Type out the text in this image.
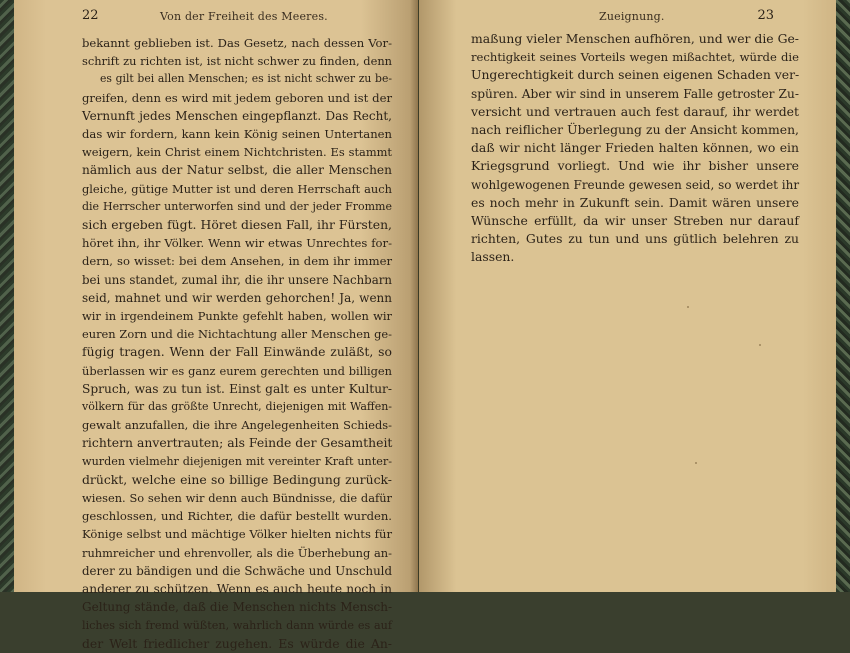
22	Von der Freiheit des Meeres.
bekannt geblieben ist. Das Gesetz, nach dessen Vor-
schrift zu richten ist, ist nicht schwer zu finden, denn
es gilt bei allen Menschen; es ist nicht schwer zu be-
greifen, denn es wird mit jedem geboren und ist der
Vernunft jedes Menschen eingepflanzt. Das Recht,
das wir fordern, kann kein König seinen Untertanen
weigern, kein Christ einem Nichtchristen. Es stammt
nämlich aus der Natur selbst, die aller Menschen
gleiche, gütige Mutter ist und deren Herrschaft auch
die Herrscher unterworfen sind und der jeder Fromme
sich ergeben fügt. Höret diesen Fall, ihr Fürsten,
höret ihn, ihr Völker. Wenn wir etwas Unrechtes for-
dern, so wisset: bei dem Ansehen, in dem ihr immer
bei uns standet, zumal ihr, die ihr unsere Nachbarn
seid, mahnet und wir werden gehorchen! Ja, wenn
wir in irgendeinem Punkte gefehlt haben, wollen wir
euren Zorn und die Nichtachtung aller Menschen ge-
fügig tragen. Wenn der Fall Einwände zuläßt, so
überlassen wir es ganz eurem gerechten und billigen
Spruch, was zu tun ist. Einst galt es unter Kultur-
völkern für das größte Unrecht, diejenigen mit Waffen-
gewalt anzufallen, die ihre Angelegenheiten Schieds-
richtern anvertrauten; als Feinde der Gesamtheit
wurden vielmehr diejenigen mit vereinter Kraft unter-
drückt, welche eine so billige Bedingung zurück-
wiesen. So sehen wir denn auch Bündnisse, die dafür
geschlossen, und Richter, die dafür bestellt wurden.
Könige selbst und mächtige Völker hielten nichts für
ruhmreicher und ehrenvoller, als die Überhebung an-
derer zu bändigen und die Schwäche und Unschuld
anderer zu schützen. Wenn es auch heute noch in
Geltung stände, daß die Menschen nichts Mensch-
liches sich fremd wüßten, wahrlich dann würde es auf
der Welt friedlicher zugehen. Es würde die An-
Zueignung.	23
maßung vieler Menschen aufhören, und wer die Ge-
rechtigkeit seines Vorteils wegen mißachtet, würde die
Ungerechtigkeit durch seinen eigenen Schaden ver-
spüren. Aber wir sind in unserem Falle getroster Zu-
versicht und vertrauen auch fest darauf, ihr werdet
nach reiflicher Überlegung zu der Ansicht kommen,
daß wir nicht länger Frieden halten können, wo ein
Kriegsgrund vorliegt. Und wie ihr bisher unsere
wohlgewogenen Freunde gewesen seid, so werdet ihr
es noch mehr in Zukunft sein. Damit wären unsere
Wünsche erfüllt, da wir unser Streben nur darauf
richten, Gutes zu tun und uns gütlich belehren zu
lassen.
